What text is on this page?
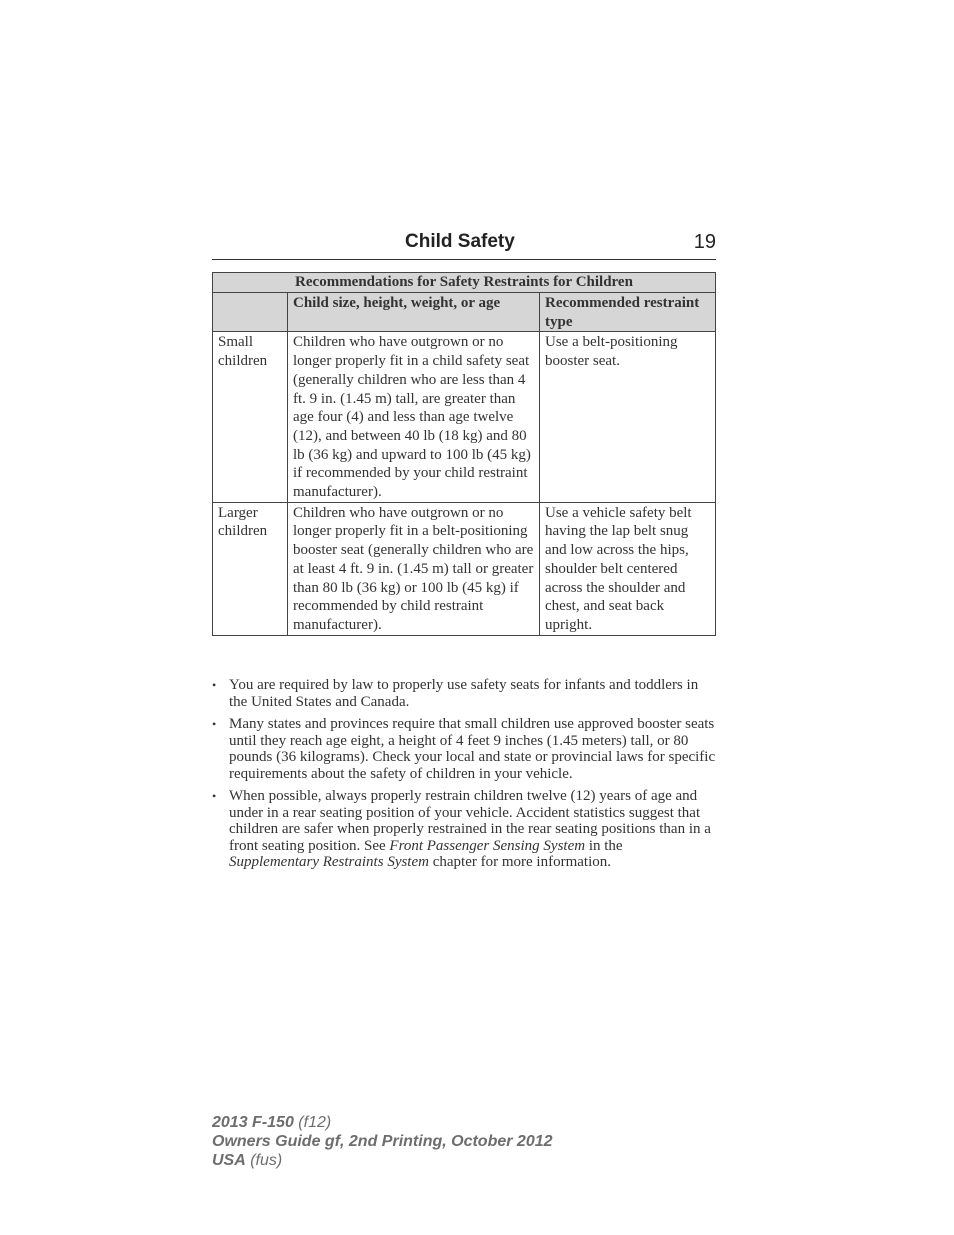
Child Safety	19
Recommendations for Safety Restraints for Children		
	Child size, height, weight, or age	Recommended restraint type
Small children	Children who have outgrown or no longer properly fit in a child safety seat (generally children who are less than 4 ft. 9 in. (1.45 m) tall, are greater than age four (4) and less than age twelve (12), and between 40 lb (18 kg) and 80 lb (36 kg) and upward to 100 lb (45 kg) if recommended by your child restraint manufacturer).	Use a belt-positioning booster seat.
Larger children	Children who have outgrown or no longer properly fit in a belt-positioning booster seat (generally children who are at least 4 ft. 9 in. (1.45 m) tall or greater than 80 lb (36 kg) or 100 lb (45 kg) if recommended by child restraint manufacturer).	Use a vehicle safety belt having the lap belt snug and low across the hips, shoulder belt centered across the shoulder and chest, and seat back upright.
• You are required by law to properly use safety seats for infants and toddlers in the United States and Canada.
• Many states and provinces require that small children use approved booster seats until they reach age eight, a height of 4 feet 9 inches (1.45 meters) tall, or 80 pounds (36 kilograms). Check your local and state or provincial laws for specific requirements about the safety of children in your vehicle.
• When possible, always properly restrain children twelve (12) years of age and under in a rear seating position of your vehicle. Accident statistics suggest that children are safer when properly restrained in the rear seating positions than in a front seating position. See Front Passenger Sensing System in the Supplementary Restraints System chapter for more information.
2013 F-150 (f12)
Owners Guide gf, 2nd Printing, October 2012
USA (fus)
